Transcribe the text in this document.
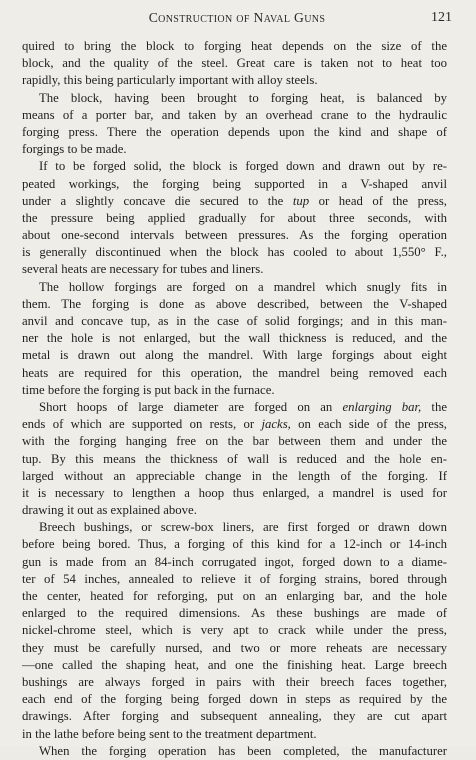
Construction of Naval Guns	121
quired to bring the block to forging heat depends on the size of the
block, and the quality of the steel. Great care is taken not to heat too
rapidly, this being particularly important with alloy steels.
The block, having been brought to forging heat, is balanced by
means of a porter bar, and taken by an overhead crane to the hydraulic
forging press. There the operation depends upon the kind and shape of
forgings to be made.
If to be forged solid, the block is forged down and drawn out by re-
peated workings, the forging being supported in a V-shaped anvil
under a slightly concave die secured to the tup or head of the press,
the pressure being applied gradually for about three seconds, with
about one-second intervals between pressures. As the forging operation
is generally discontinued when the block has cooled to about 1,550° F.,
several heats are necessary for tubes and liners.
The hollow forgings are forged on a mandrel which snugly fits in
them. The forging is done as above described, between the V-shaped
anvil and concave tup, as in the case of solid forgings; and in this man-
ner the hole is not enlarged, but the wall thickness is reduced, and the
metal is drawn out along the mandrel. With large forgings about eight
heats are required for this operation, the mandrel being removed each
time before the forging is put back in the furnace.
Short hoops of large diameter are forged on an enlarging bar, the
ends of which are supported on rests, or jacks, on each side of the press,
with the forging hanging free on the bar between them and under the
tup. By this means the thickness of wall is reduced and the hole en-
larged without an appreciable change in the length of the forging. If
it is necessary to lengthen a hoop thus enlarged, a mandrel is used for
drawing it out as explained above.
Breech bushings, or screw-box liners, are first forged or drawn down
before being bored. Thus, a forging of this kind for a 12-inch or 14-inch
gun is made from an 84-inch corrugated ingot, forged down to a diame-
ter of 54 inches, annealed to relieve it of forging strains, bored through
the center, heated for reforging, put on an enlarging bar, and the hole
enlarged to the required dimensions. As these bushings are made of
nickel-chrome steel, which is very apt to crack while under the press,
they must be carefully nursed, and two or more reheats are necessary
—one called the shaping heat, and one the finishing heat. Large breech
bushings are always forged in pairs with their breech faces together,
each end of the forging being forged down in steps as required by the
drawings. After forging and subsequent annealing, they are cut apart
in the lathe before being sent to the treatment department.
When the forging operation has been completed, the manufacturer
